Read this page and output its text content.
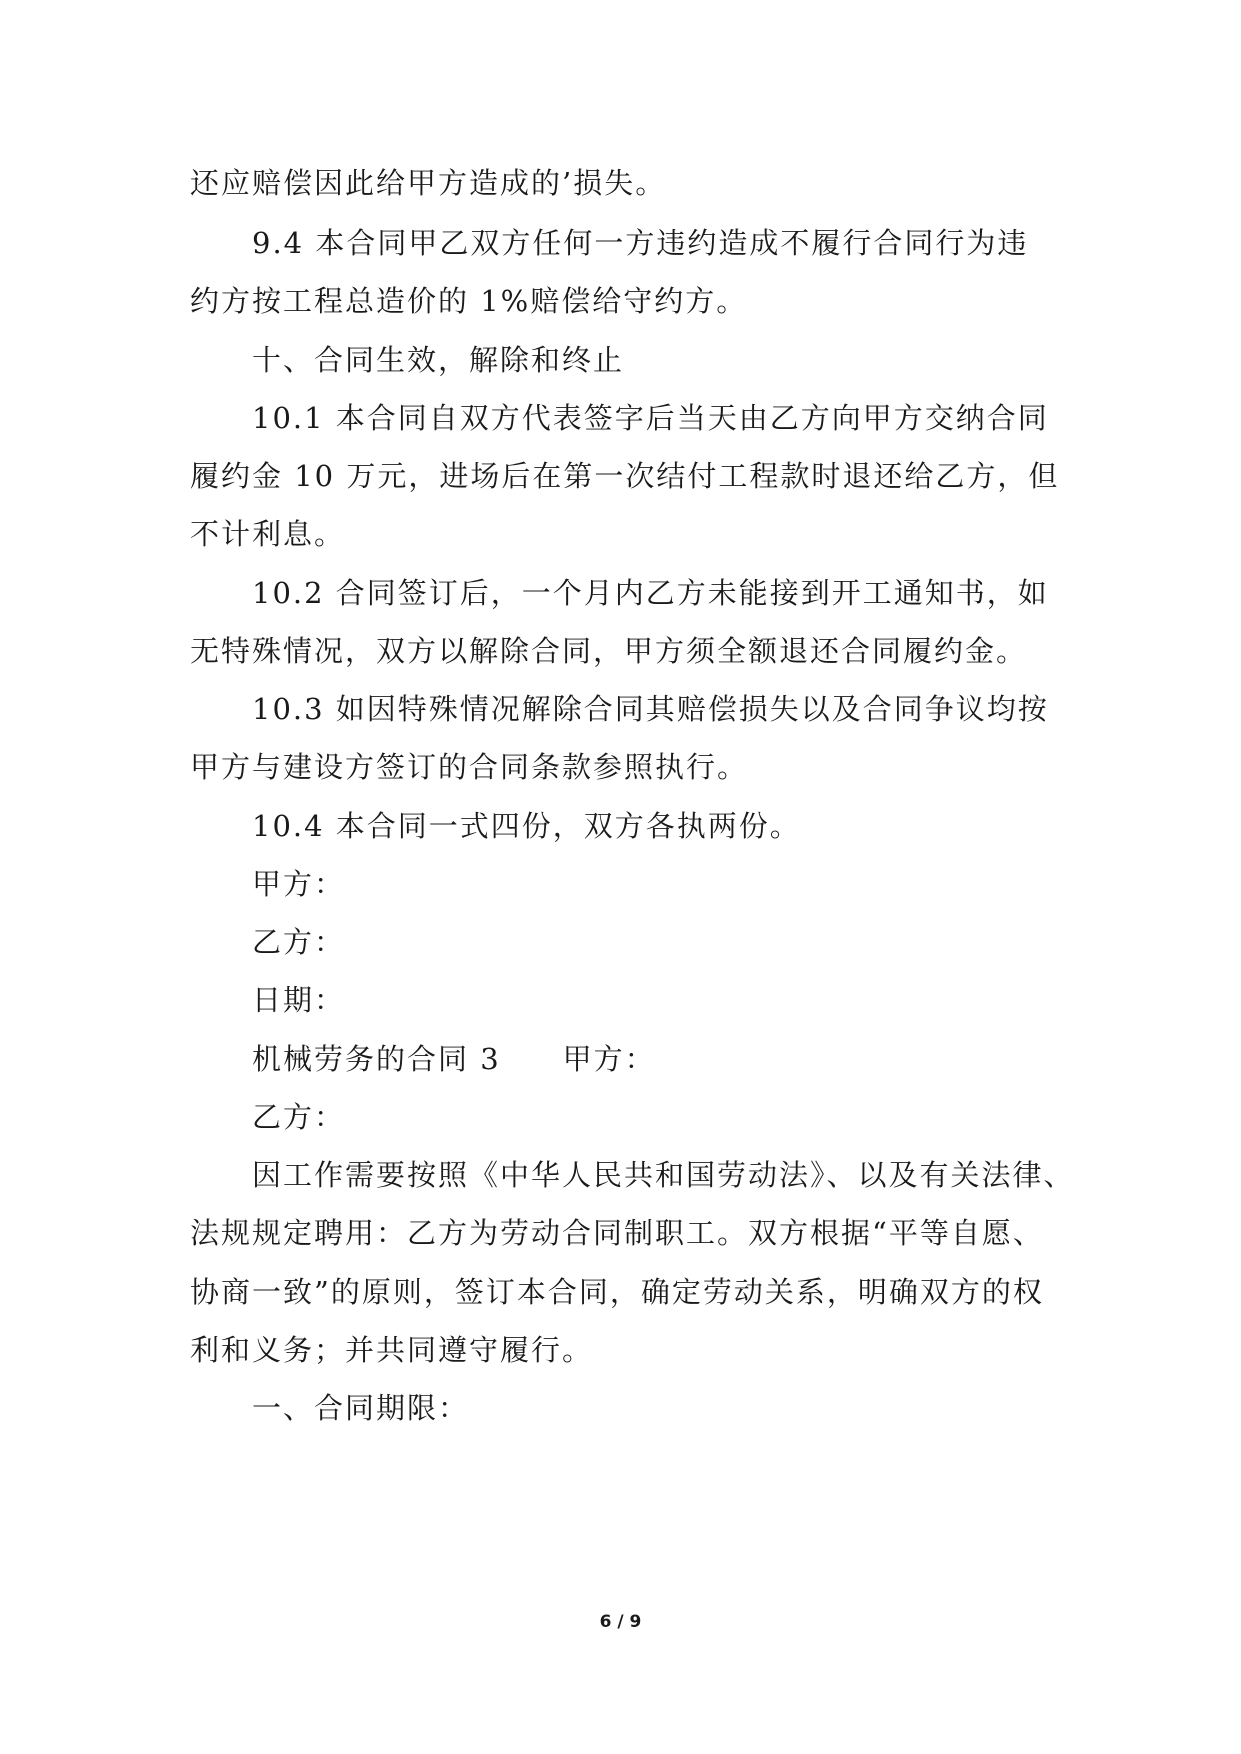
还应赔偿因此给甲方造成的’损失。
9.4 本合同甲乙双方任何一方违约造成不履行合同行为违
约方按工程总造价的 1%赔偿给守约方。
十、合同生效，解除和终止
10.1 本合同自双方代表签字后当天由乙方向甲方交纳合同
履约金 10 万元，进场后在第一次结付工程款时退还给乙方，但
不计利息。
10.2 合同签订后，一个月内乙方未能接到开工通知书，如
无特殊情况，双方以解除合同，甲方须全额退还合同履约金。
10.3 如因特殊情况解除合同其赔偿损失以及合同争议均按
甲方与建设方签订的合同条款参照执行。
10.4 本合同一式四份，双方各执两份。
甲方：
乙方：
日期：
机械劳务的合同 3　　甲方：
乙方：
因工作需要按照《中华人民共和国劳动法》、以及有关法律、
法规规定聘用：乙方为劳动合同制职工。双方根据“平等自愿、
协商一致”的原则，签订本合同，确定劳动关系，明确双方的权
利和义务；并共同遵守履行。
一、合同期限：
6 / 9
